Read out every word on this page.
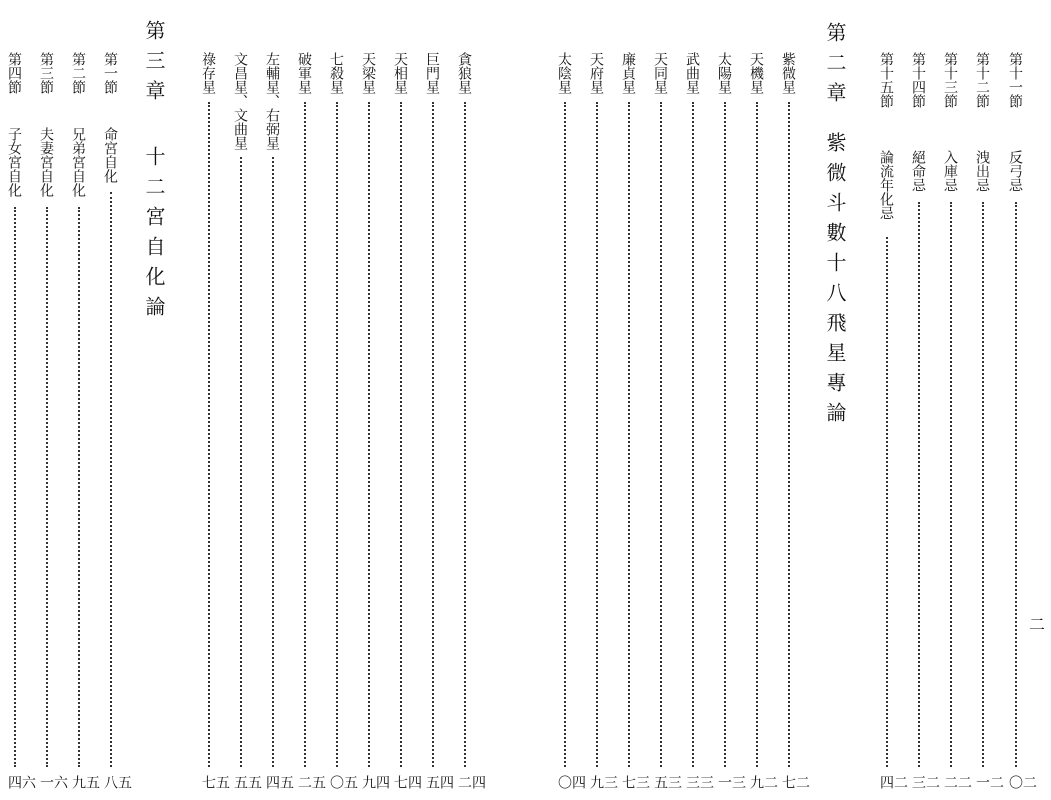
第十一節
反弓忌
二〇
第十二節
洩出忌
二一
第十三節
入庫忌
二二
第十四節
絕命忌
二三
第十五節
論流年化忌
二四
第二章
紫微斗數十八飛星專論
紫微星
二七
天機星
二九
太陽星
三一
武曲星
三三
天同星
三五
廉貞星
三七
天府星
三九
太陰星
四〇
貪狼星
四二
巨門星
四五
天相星
四七
天梁星
四九
七殺星
五〇
破軍星
五二
左輔星、右弼星
五四
文昌星、文曲星
五五
祿存星
五七
第三章
十二宮自化論
第一節
命宮自化
五八
第二節
兄弟宮自化
五九
第三節
夫妻宮自化
六一
第四節
子女宮自化
六四
二
